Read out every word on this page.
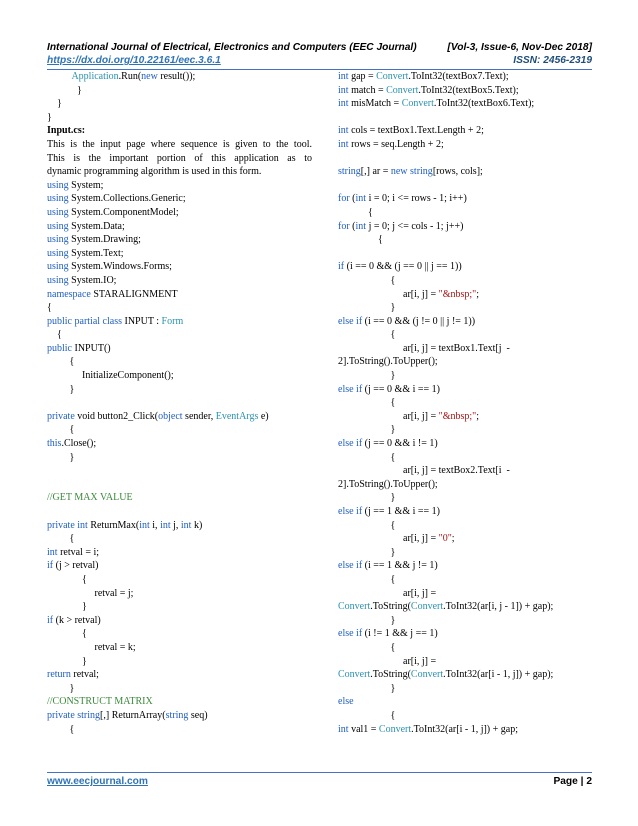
International Journal of Electrical, Electronics and Computers (EEC Journal)	[Vol-3, Issue-6, Nov-Dec 2018]
https://dx.doi.org/10.22161/eec.3.6.1	ISSN: 2456-2319
Application.Run(new result());
}
}
}
Input.cs:
This is the input page where sequence is given to the tool.
This is the important portion of this application as to
dynamic programming algorithm is used in this form.
using System;
using System.Collections.Generic;
using System.ComponentModel;
using System.Data;
using System.Drawing;
using System.Text;
using System.Windows.Forms;
using System.IO;
namespace STARALIGNMENT
{
public partial class INPUT : Form
{
public INPUT()
{
InitializeComponent();
}

private void button2_Click(object sender, EventArgs e)
{
this.Close();
}

//GET MAX VALUE

private int ReturnMax(int i, int j, int k)
{
int retval = i;
if (j > retval)
{
retval = j;
}
if (k > retval)
{
retval = k;
}
return retval;
}
//CONSTRUCT MATRIX
private string[,] ReturnArray(string seq)
{
int gap = Convert.ToInt32(textBox7.Text);
int match = Convert.ToInt32(textBox5.Text);
int misMatch = Convert.ToInt32(textBox6.Text);

int cols = textBox1.Text.Length + 2;
int rows = seq.Length + 2;

string[,] ar = new string[rows, cols];

for (int i = 0; i <= rows - 1; i++)
{
for (int j = 0; j <= cols - 1; j++)
{

if (i == 0 && (j == 0 || j == 1))
{
ar[i, j] = "&nbsp;";
}
else if (i == 0 && (j != 0 || j != 1))
{
ar[i, j] = textBox1.Text[j  -
2].ToString().ToUpper();
}
else if (j == 0 && i == 1)
{
ar[i, j] = "&nbsp;";
}
else if (j == 0 && i != 1)
{
ar[i, j] = textBox2.Text[i  -
2].ToString().ToUpper();
}
else if (j == 1 && i == 1)
{
ar[i, j] = "0";
}
else if (i == 1 && j != 1)
{
ar[i, j] =
Convert.ToString(Convert.ToInt32(ar[i, j - 1]) + gap);
}
else if (i != 1 && j == 1)
{
ar[i, j] =
Convert.ToString(Convert.ToInt32(ar[i - 1, j]) + gap);
}
else
{
int val1 = Convert.ToInt32(ar[i - 1, j]) + gap;
www.eecjournal.com	Page | 2
